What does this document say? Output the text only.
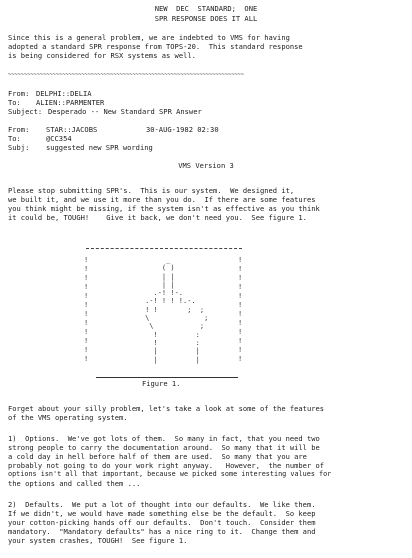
NEW  DEC  STANDARD;  ONE
SPR RESPONSE DOES IT ALL
Since this is a general problem, we are indebted to VMS for having
adopted a standard SPR response from TOPS-20.  This standard response
is being considered for RSX systems as well.
~~~~~~~~~~~~~~~~~~~~~~~~~~~~~~~~~~~~~~~~~~~~~~~~~~~~~~~~~~~~~~~~~~~~~~~~~~
From: DELPHI::DELIA
To: ALIEN::PARMENTER
Subject: Desperado -- New Standard SPR Answer
From: STAR::JACOBS	30-AUG-1982 02:30
To:	@CC354
Subj: suggested new SPR wording
VMS Version 3
Please stop submitting SPR's.  This is our system.  We designed it,
we built it, and we use it more than you do.  If there are some features
you think might be missing, if the system isn't as effective as you think
it could be, TOUGH!    Give it back, we don't need you.  See figure 1.
!
!
!
!
!
!
!
!
!
!
!
!
!
!
!
!
!
!
!
!
!
!
!
!
_
( )
| |
| |
.-! !-.
.-! ! ! !.-.
! !       ;  ;
\             ;
\           ;
!         :
!         :
|         |
|         |
Figure 1.
Forget about your silly problem, let's take a look at some of the features
of the VMS operating system.
1)  Options.  We've got lots of them.  So many in fact, that you need two
strong people to carry the documentation around.  So many that it will be
a cold day in hell before half of them are used.  So many that you are
probably not going to do your work right anyway.   However,  the number of
options isn't all that important, because we picked some interesting values for
the options and called them ...
2)  Defaults.  We put a lot of thought into our defaults.  We like them.
If we didn't, we would have made something else be the default.  So keep
your cotton-picking hands off our defaults.  Don't touch.  Consider them
mandatory.  "Mandatory defaults" has a nice ring to it.  Change them and
your system crashes, TOUGH!  See figure 1.
